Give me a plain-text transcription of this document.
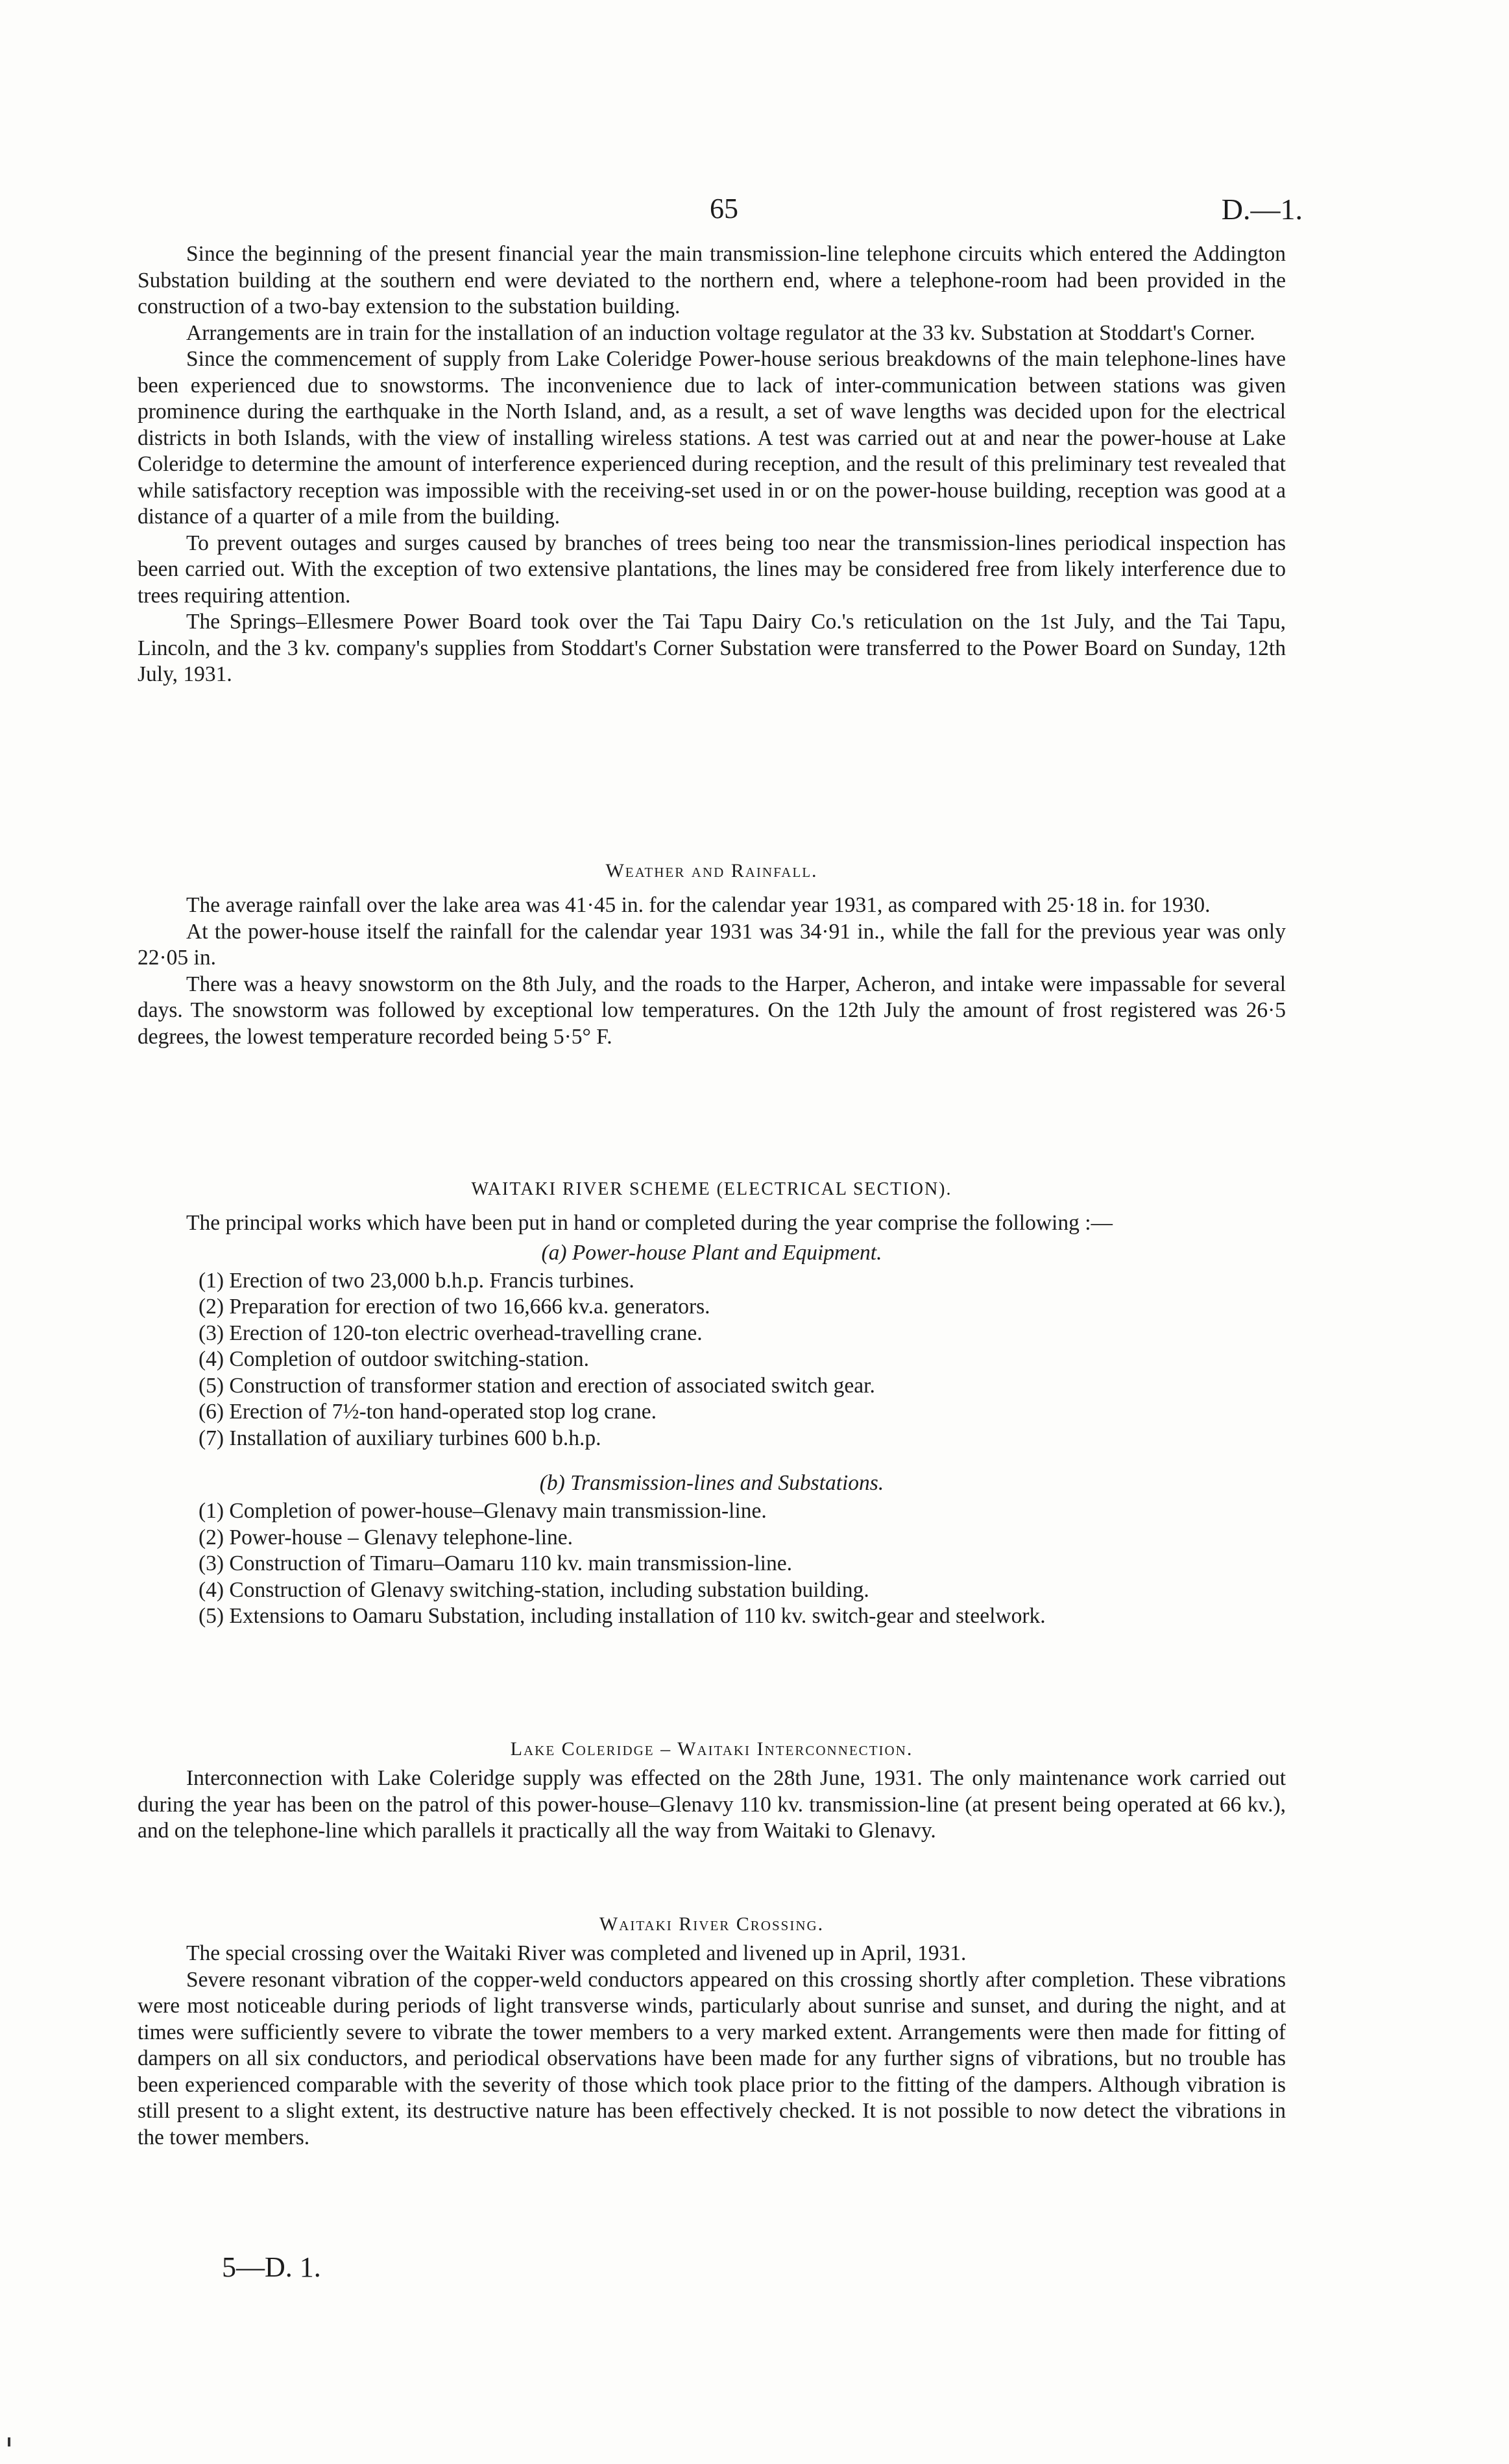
65	D.—1.

Since the beginning of the present financial year the main transmission-line telephone circuits which entered the Addington Substation building at the southern end were deviated to the northern end, where a telephone-room had been provided in the construction of a two-bay extension to the substation building.

Arrangements are in train for the installation of an induction voltage regulator at the 33 kv. Substation at Stoddart's Corner.

Since the commencement of supply from Lake Coleridge Power-house serious breakdowns of the main telephone-lines have been experienced due to snowstorms. The inconvenience due to lack of inter-communication between stations was given prominence during the earthquake in the North Island, and, as a result, a set of wave lengths was decided upon for the electrical districts in both Islands, with the view of installing wireless stations. A test was carried out at and near the power-house at Lake Coleridge to determine the amount of interference experienced during reception, and the result of this preliminary test revealed that while satisfactory reception was impossible with the receiving-set used in or on the power-house building, reception was good at a distance of a quarter of a mile from the building.

To prevent outages and surges caused by branches of trees being too near the transmission-lines periodical inspection has been carried out. With the exception of two extensive plantations, the lines may be considered free from likely interference due to trees requiring attention.

The Springs–Ellesmere Power Board took over the Tai Tapu Dairy Co.'s reticulation on the 1st July, and the Tai Tapu, Lincoln, and the 3 kv. company's supplies from Stoddart's Corner Substation were transferred to the Power Board on Sunday, 12th July, 1931.

Weather and Rainfall.

The average rainfall over the lake area was 41·45 in. for the calendar year 1931, as compared with 25·18 in. for 1930.

At the power-house itself the rainfall for the calendar year 1931 was 34·91 in., while the fall for the previous year was only 22·05 in.

There was a heavy snowstorm on the 8th July, and the roads to the Harper, Acheron, and intake were impassable for several days. The snowstorm was followed by exceptional low temperatures. On the 12th July the amount of frost registered was 26·5 degrees, the lowest temperature recorded being 5·5° F.

WAITAKI RIVER SCHEME (ELECTRICAL SECTION).

The principal works which have been put in hand or completed during the year comprise the following :—

(a) Power-house Plant and Equipment.

(1) Erection of two 23,000 b.h.p. Francis turbines.
(2) Preparation for erection of two 16,666 kv.a. generators.
(3) Erection of 120-ton electric overhead-travelling crane.
(4) Completion of outdoor switching-station.
(5) Construction of transformer station and erection of associated switch gear.
(6) Erection of 7½-ton hand-operated stop log crane.
(7) Installation of auxiliary turbines 600 b.h.p.

(b) Transmission-lines and Substations.

(1) Completion of power-house–Glenavy main transmission-line.
(2) Power-house – Glenavy telephone-line.
(3) Construction of Timaru–Oamaru 110 kv. main transmission-line.
(4) Construction of Glenavy switching-station, including substation building.
(5) Extensions to Oamaru Substation, including installation of 110 kv. switch-gear and steelwork.

Lake Coleridge – Waitaki Interconnection.

Interconnection with Lake Coleridge supply was effected on the 28th June, 1931. The only maintenance work carried out during the year has been on the patrol of this power-house–Glenavy 110 kv. transmission-line (at present being operated at 66 kv.), and on the telephone-line which parallels it practically all the way from Waitaki to Glenavy.

Waitaki River Crossing.

The special crossing over the Waitaki River was completed and livened up in April, 1931.

Severe resonant vibration of the copper-weld conductors appeared on this crossing shortly after completion. These vibrations were most noticeable during periods of light transverse winds, particularly about sunrise and sunset, and during the night, and at times were sufficiently severe to vibrate the tower members to a very marked extent. Arrangements were then made for fitting of dampers on all six conductors, and periodical observations have been made for any further signs of vibrations, but no trouble has been experienced comparable with the severity of those which took place prior to the fitting of the dampers. Although vibration is still present to a slight extent, its destructive nature has been effectively checked. It is not possible to now detect the vibrations in the tower members.

5—D. 1.
